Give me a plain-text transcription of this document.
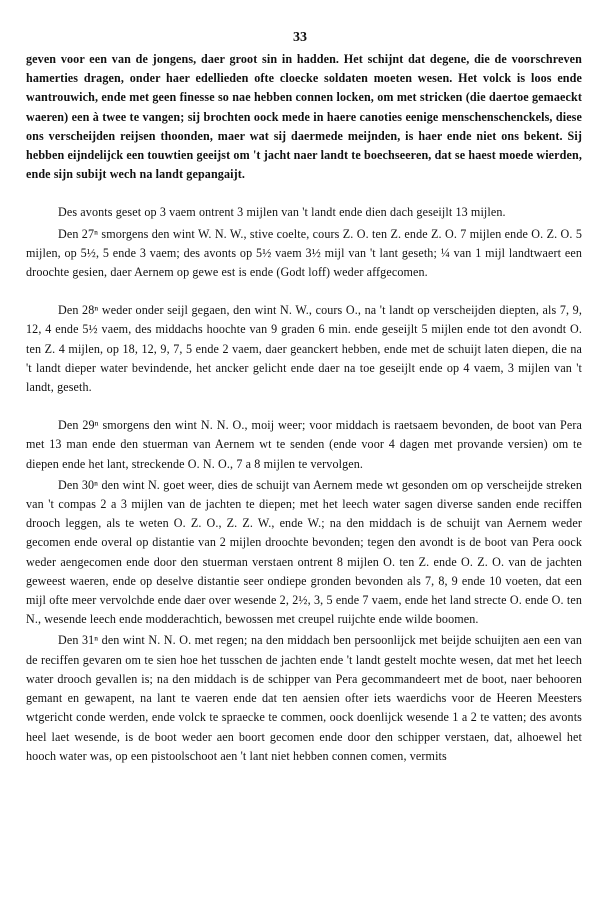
33

geven voor een van de jongens, daer groot sin in hadden. Het schijnt dat degene, die de voorschreven hamerties dragen, onder haer edellieden ofte cloecke soldaten moeten wesen. Het volck is loos ende wantrouwich, ende met geen finesse so nae hebben connen locken, om met stricken (die daertoe gemaeckt waeren) een à twee te vangen; sij brochten oock mede in haere canoties eenige menschenschenckels, diese ons verscheijden reijsen thoonden, maer wat sij daermede meijnden, is haer ende niet ons bekent. Sij hebben eijndelijck een touwtien geeijst om 't jacht naer landt te boechseeren, dat se haest moede wierden, ende sijn subijt wech na landt gepangaijt.

Des avonts geset op 3 vaem ontrent 3 mijlen van 't landt ende dien dach geseijlt 13 mijlen.

Den 27ⁿ smorgens den wint W. N. W., stive coelte, cours Z. O. ten Z. ende Z. O. 7 mijlen ende O. Z. O. 5 mijlen, op 5½, 5 ende 3 vaem; des avonts op 5½ vaem 3½ mijl van 't lant geseth; ¼ van 1 mijl landtwaert een droochte gesien, daer Aernem op gewe est is ende (Godt loff) weder affgecomen.

Den 28ⁿ weder onder seijl gegaen, den wint N. W., cours O., na 't landt op verscheijden diepten, als 7, 9, 12, 4 ende 5½ vaem, des middachs hoochte van 9 graden 6 min. ende geseijlt 5 mijlen ende tot den avondt O. ten Z. 4 mijlen, op 18, 12, 9, 7, 5 ende 2 vaem, daer geanckert hebben, ende met de schuijt laten diepen, die na 't landt dieper water bevindende, het ancker gelicht ende daer na toe geseijlt ende op 4 vaem, 3 mijlen van 't landt, geseth.

Den 29ⁿ smorgens den wint N. N. O., moij weer; voor middach is raetsaem bevonden, de boot van Pera met 13 man ende den stuerman van Aernem wt te senden (ende voor 4 dagen met provande versien) om te diepen ende het lant, streckende O. N. O., 7 a 8 mijlen te vervolgen.

Den 30ⁿ den wint N. goet weer, dies de schuijt van Aernem mede wt gesonden om op verscheijde streken van 't compas 2 a 3 mijlen van de jachten te diepen; met het leech water sagen diverse sanden ende reciffen drooch leggen, als te weten O. Z. O., Z. Z. W., ende W.; na den middach is de schuijt van Aernem weder gecomen ende overal op distantie van 2 mijlen droochte bevonden; tegen den avondt is de boot van Pera oock weder aengecomen ende door den stuerman verstaen ontrent 8 mijlen O. ten Z. ende O. Z. O. van de jachten geweest waeren, ende op deselve distantie seer ondiepe gronden bevonden als 7, 8, 9 ende 10 voeten, dat een mijl ofte meer vervolchde ende daer over wesende 2, 2½, 3, 5 ende 7 vaem, ende het land strecte O. ende O. ten N., wesende leech ende modderachtich, bewossen met creupel ruijchte ende wilde boomen.

Den 31ⁿ den wint N. N. O. met regen; na den middach ben persoonlijck met beijde schuijten aen een van de reciffen gevaren om te sien hoe het tusschen de jachten ende 't landt gestelt mochte wesen, dat met het leech water drooch gevallen is; na den middach is de schipper van Pera gecommandeert met de boot, naer behooren gemant en gewapent, na lant te vaeren ende dat ten aensien ofter iets waerdichs voor de Heeren Meesters wtgericht conde werden, ende volck te spraecke te commen, oock doenlijck wesende 1 a 2 te vatten; des avonts heel laet wesende, is de boot weder aen boort gecomen ende door den schipper verstaen, dat, alhoewel het hooch water was, op een pistoolschoot aen 't lant niet hebben connen comen, vermits
